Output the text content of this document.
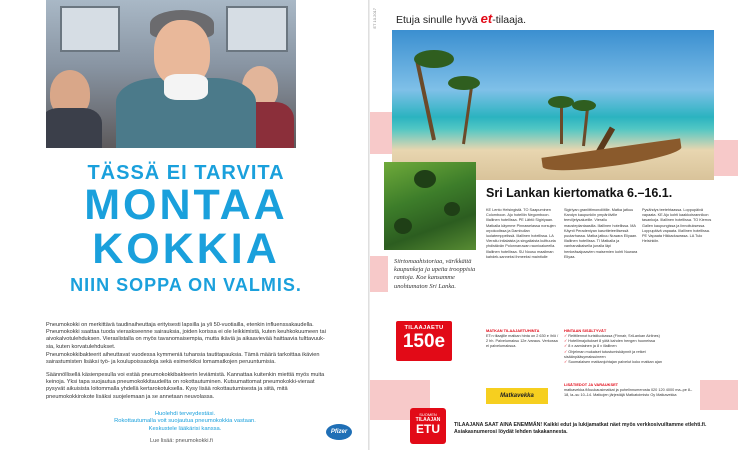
TÄSSÄ EI TARVITA
MONTAA
KOKKIA
NIIN SOPPA ON VALMIS.

Pneumokokki on merkittävä taudinaiheuttaja erityisesti lapsilla ja yli 50-vuotiailla, etenkin influenssakaudella. Pneumokokki saattaa tuoda vieraskseenne sairauksia, joiden korissa ei ole leikkimistä, kuten keuhkokuumeen tai aivokalvotulehduksen. Vieraslistalla on myös tavanomaisempia, mutta ikäviä ja aikaavievää haittaavia tulttavuuk-sia, kuten korvatulehdukset.

Pneumokokkibakteerit aiheuttavat vuodessa kymmeniä tuhansia tautitapauksia. Tämä määrä tarkoittaa ikävien sairastumisten lisäksi työ- ja koulupoissaoloja sekä esimerkiksi lomamatkojen peruuntumisia.

Säännöllisellä käsienpesulla voi estää pneumokokkibakteerin leviämistä. Kannattaa kuitenkin miettiä myös muita keinoja. Yksi tapa suojautua pneumokokkitaudeilta on rokottautuminen. Kutsumattomat pneumokokki-vieraat pysyvät aikuisista loitommalla yhdellä kertarokotuksella. Kysy lisää rokottautumisesta ja siitä, mitä pneumokokkirokote lisäksi suojelemaan ja se annetaan neuvolassa.

Huolehdi terveydestäsi.
Rokottautumalla voit suojautua pneumokokkia vastaan.
Keskustele lääkärisi kanssa.
Lue lisää: pneumokokki.fi
Pfizer
ET 10.2017 Etuja sinulle hyvä et-tilaaja.
Siirtomaahistoriaa, värikkäitä kaupunkeja ja upeita trooppisia rantoja. Koe kansamme unohtumaton Sri Lanka.
TILAAJAETU
150e
Sri Lankan kiertomatka 6.–16.1.
KE Lento Helsingistä. TO Saapuminen Colomboon. Ajo hotelliin Negomboon. Illallinen hotellissa. PE Lähtö Sigiriyaan. Matkalla käymme Pinnawelassa norsujen orpokodissa ja Dambullan luolatemppelissä. Illallinen hotellissa. LA Vierailu intialaista ja singaliaista kulttuuria yhdistävän Polonnaruwan raunioalueella. Illallinen hotellissa. SU Nousu maailman kahdek-sanneksi ihmeeksi mainitulle
Sigiriyan graniittimonoliitille. Matka jatkuu Kandyn kaupunkiin ympäröiville teeviljelysalueille. Vierailu mausteplantaasilla. Illallinen hotellissa. MA Käynti Peradeniyan kasvitieteellisessä puutarhassa. Matka jatkuu Nuwara Eliyaan. Illallinen hotellissa. TI Matkalla ja vanhanaikaisella junalla läpi henkeäsalpaavien maisemien kohti Nuwara Eliyaa.
Pysähdys teetehtaassa. Loppupäivä vapaata. KE Ajo kohti kaakkoisrannikon tasankoja. Illallinen hotellissa. TO Kierros Gallen kaupungissa ja linnoituksessa. Loppupäivä vapaata. Illallinen hotellissa. PE Vapaata Hikkaduwassa. LA Tulo Helsinkiin.
MATKAN TILAAJAETUHINTA
ET:n tilaajille matkan hinta on 2 630 e /hlö / 2 hh. Palvelumaksu 12e /varaus. Verkossa ei palvelumaksua.
HINTAAN SISÄLTYVÄT
✓ Reittilennot turistiluokassa (Finnair, SriLankan Airlines)
✓ Hotellimajoitukset 8 yötä kahden hengen huoneissa
✓ 8 x aamiainen ja 8 x illallinen
✓ Ohjelman mukaiset tutustumiskäynnit ja retket sisäänpääsymaksuineen
✓ Suomalaisen matkanjohtajan palvelut koko matkan ajan
Matkavekka
LISÄTIEDOT JA VARAUKSET
matkavekka.fi/kuukausimatkat ja puhelinnumerosta 020 120 4000 ma–pe 8–18, la–su 10–14. Matkojen järjestäjä Matkatoimisto Oy Matkavekka
SUOMEN
TILAAJAN
ETU	TILAAJANA SAAT AINA ENEMMÄN! Kaikki edut ja lukijamatkat näet myös verkkosivuiltamme etlehti.fi. Asiakasnumerosi löydät lehden takakannesta.
